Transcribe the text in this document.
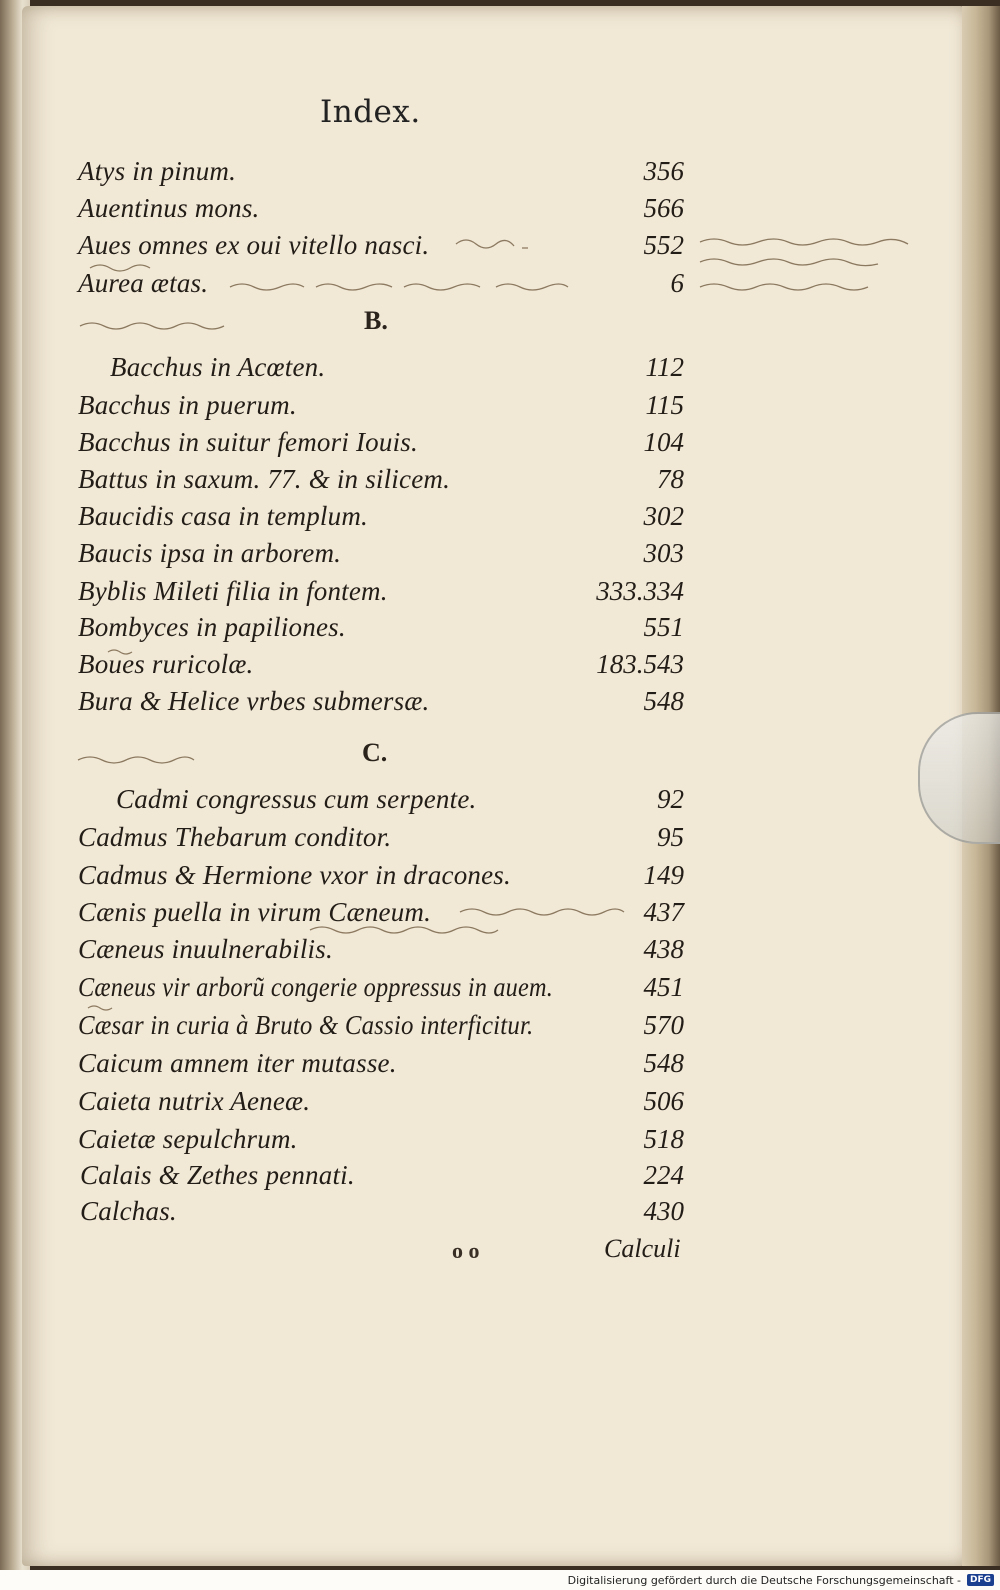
Index.
Atys in pinum.	356
Auentinus mons.	566
Aues omnes ex oui vitello nasci.	552
Aurea ætas.	6
B.
Bacchus in Acœten.	112
Bacchus in puerum.	115
Bacchus in suitur femori Iouis.	104
Battus in saxum. 77. & in silicem.	78
Baucidis casa in templum.	302
Baucis ipsa in arborem.	303
Byblis Mileti filia in fontem.	333.334
Bombyces in papiliones.	551
Boues ruricolæ.	183.543
Bura & Helice vrbes submersæ.	548
C.
Cadmi congressus cum serpente.	92
Cadmus Thebarum conditor.	95
Cadmus & Hermione vxor in dracones.	149
Cænis puella in virum Cæneum.	437
Cæneus inuulnerabilis.	438
Cæneus vir arborũ congerie oppressus in auem.	451
Cæsar in curia à Bruto & Cassio interficitur.	570
Caicum amnem iter mutasse.	548
Caieta nutrix Aeneæ.	506
Caietæ sepulchrum.	518
Calais & Zethes pennati.	224
Calchas.	430
o o	Calculi
Digitalisierung gefördert durch die Deutsche Forschungsgemeinschaft -	DFG
